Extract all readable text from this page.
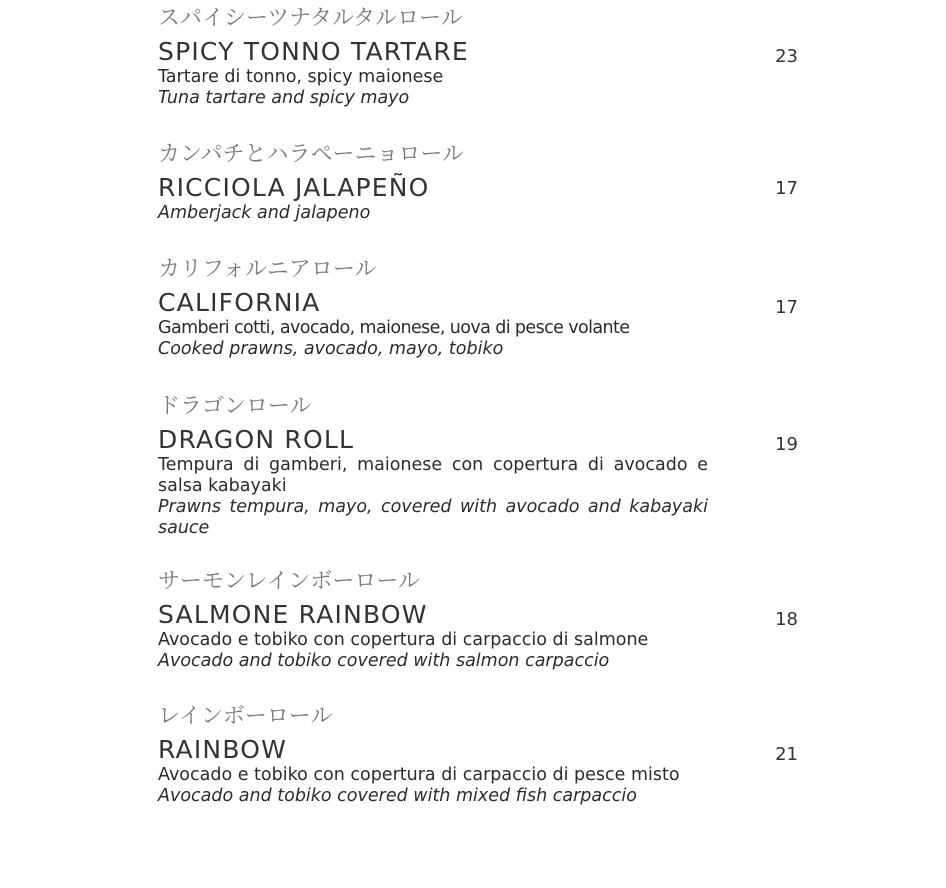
スパイシーツナタルタルロール
SPICY TONNO TARTARE	23
Tartare di tonno, spicy maionese
Tuna tartare and spicy mayo
カンパチとハラペーニョロール
RICCIOLA JALAPEÑO	17
Amberjack and jalapeno
カリフォルニアロール
CALIFORNIA	17
Gamberi cotti, avocado, maionese, uova di pesce volante
Cooked prawns, avocado, mayo, tobiko
ドラゴンロール
DRAGON ROLL	19
Tempura di gamberi, maionese con copertura di avocado e salsa kabayaki
Prawns tempura, mayo, covered with avocado and kabayaki sauce
サーモンレインボーロール
SALMONE RAINBOW	18
Avocado e tobiko con copertura di carpaccio di salmone
Avocado and tobiko covered with salmon carpaccio
レインボーロール
RAINBOW	21
Avocado e tobiko con copertura di carpaccio di pesce misto
Avocado and tobiko covered with mixed fish carpaccio
